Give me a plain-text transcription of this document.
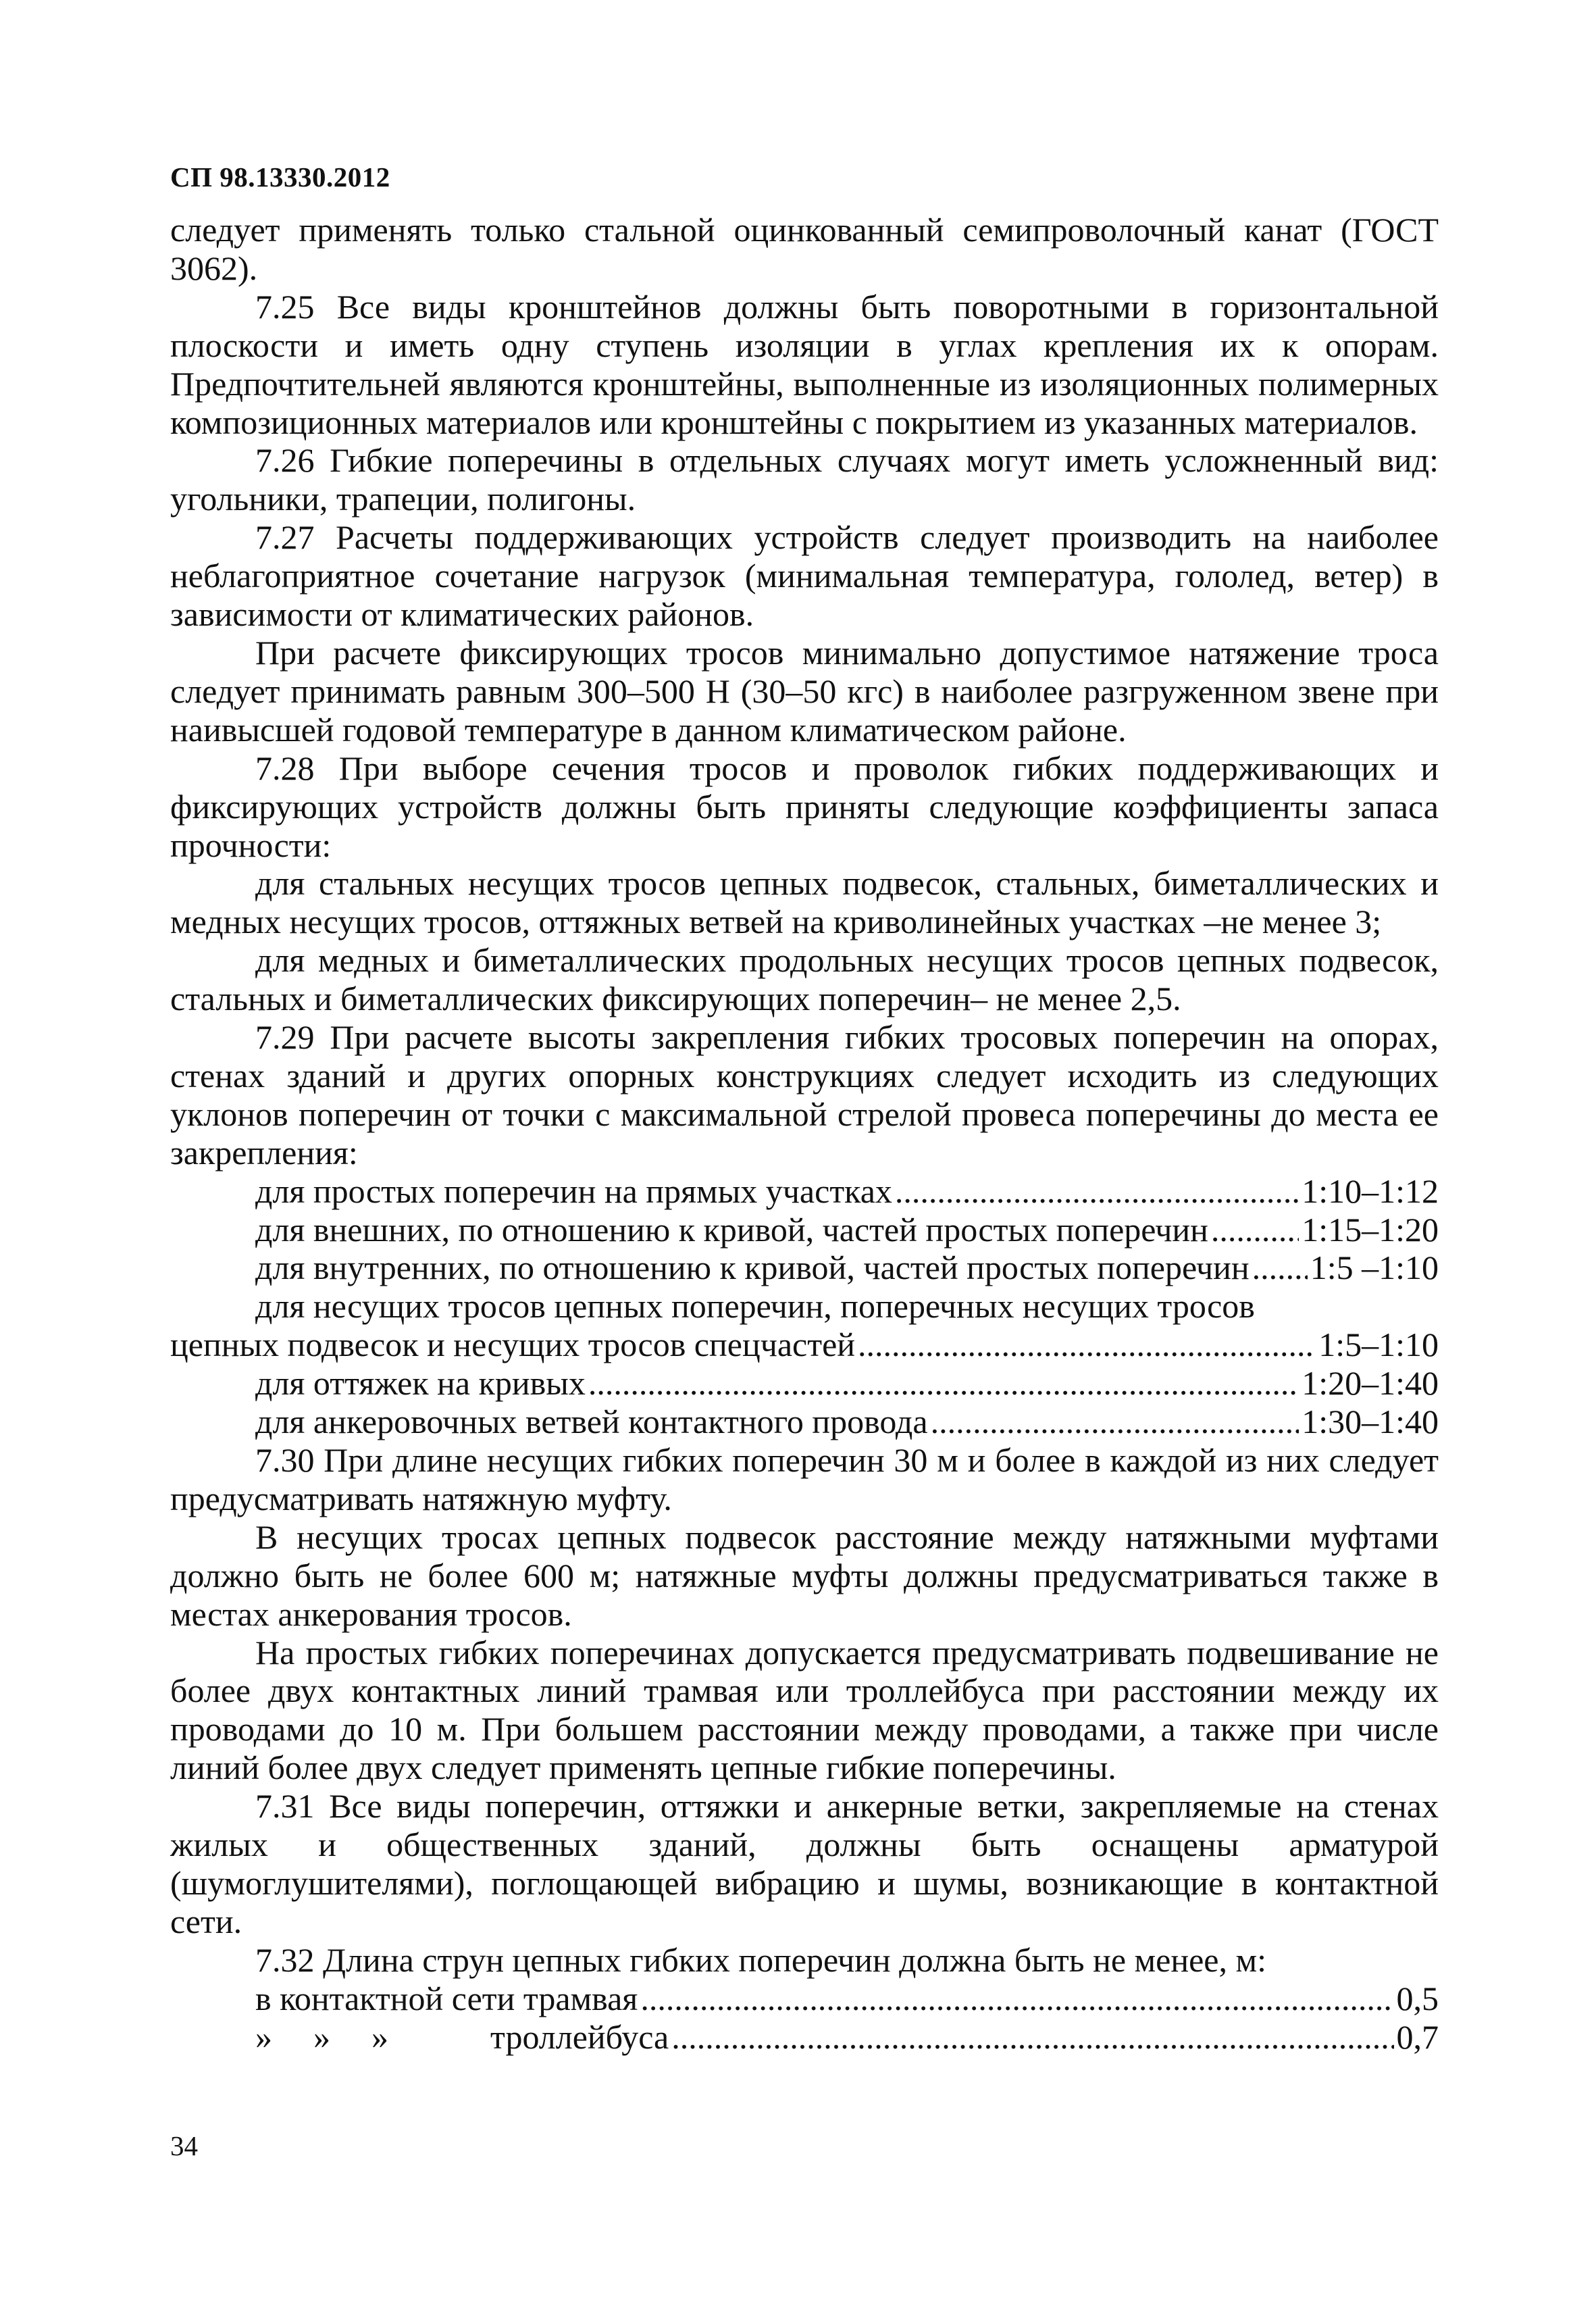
СП 98.13330.2012

следует применять только стальной оцинкованный семипроволочный канат (ГОСТ 3062).

7.25 Все виды кронштейнов должны быть поворотными в горизонтальной плоскости и иметь одну ступень изоляции в углах крепления их к опорам. Предпочтительней являются кронштейны, выполненные из изоляционных полимерных композиционных материалов или кронштейны с покрытием из указанных материалов.

7.26 Гибкие поперечины в отдельных случаях могут иметь усложненный вид: угольники, трапеции, полигоны.

7.27 Расчеты поддерживающих устройств следует производить на наиболее неблагоприятное сочетание нагрузок (минимальная температура, гололед, ветер) в зависимости от климатических районов.

При расчете фиксирующих тросов минимально допустимое натяжение троса следует принимать равным 300–500 Н (30–50 кгс) в наиболее разгруженном звене при наивысшей годовой температуре в данном климатическом районе.

7.28 При выборе сечения тросов и проволок гибких поддерживающих и фиксирующих устройств должны быть приняты следующие коэффициенты запаса прочности:

для стальных несущих тросов цепных подвесок, стальных, биметаллических и медных несущих тросов, оттяжных ветвей на криволинейных участках –не менее 3;

для медных и биметаллических продольных несущих тросов цепных подвесок, стальных и биметаллических фиксирующих поперечин– не менее 2,5.

7.29 При расчете высоты закрепления гибких тросовых поперечин на опорах, стенах зданий и других опорных конструкциях следует исходить из следующих уклонов поперечин от точки с максимальной стрелой провеса поперечины до места ее закрепления:

для простых поперечин на прямых участках .....	1:10–1:12
для внешних, по отношению к кривой, частей простых поперечин .....	1:15–1:20
для внутренних, по отношению к кривой, частей простых поперечин ..... 1:5 –1:10
для несущих тросов цепных поперечин, поперечных несущих тросов
цепных подвесок и несущих тросов спецчастей .....	1:5–1:10
для оттяжек на кривых .....	1:20–1:40
для анкеровочных ветвей контактного провода .....	1:30–1:40

7.30 При длине несущих гибких поперечин 30 м и более в каждой из них следует предусматривать натяжную муфту.

В несущих тросах цепных подвесок расстояние между натяжными муфтами должно быть не более 600 м; натяжные муфты должны предусматриваться также в местах анкерования тросов.

На простых гибких поперечинах допускается предусматривать подвешивание не более двух контактных линий трамвая или троллейбуса при расстоянии между их проводами до 10 м. При большем расстоянии между проводами, а также при числе линий более двух следует применять цепные гибкие поперечины.

7.31 Все виды поперечин, оттяжки и анкерные ветки, закрепляемые на стенах жилых и общественных зданий, должны быть оснащены арматурой (шумоглушителями), поглощающей вибрацию и шумы, возникающие в контактной сети.

7.32 Длина струн цепных гибких поперечин должна быть не менее, м:

в контактной сети трамвая .....	0,5
» » »	троллейбуса .....	0,7
34
